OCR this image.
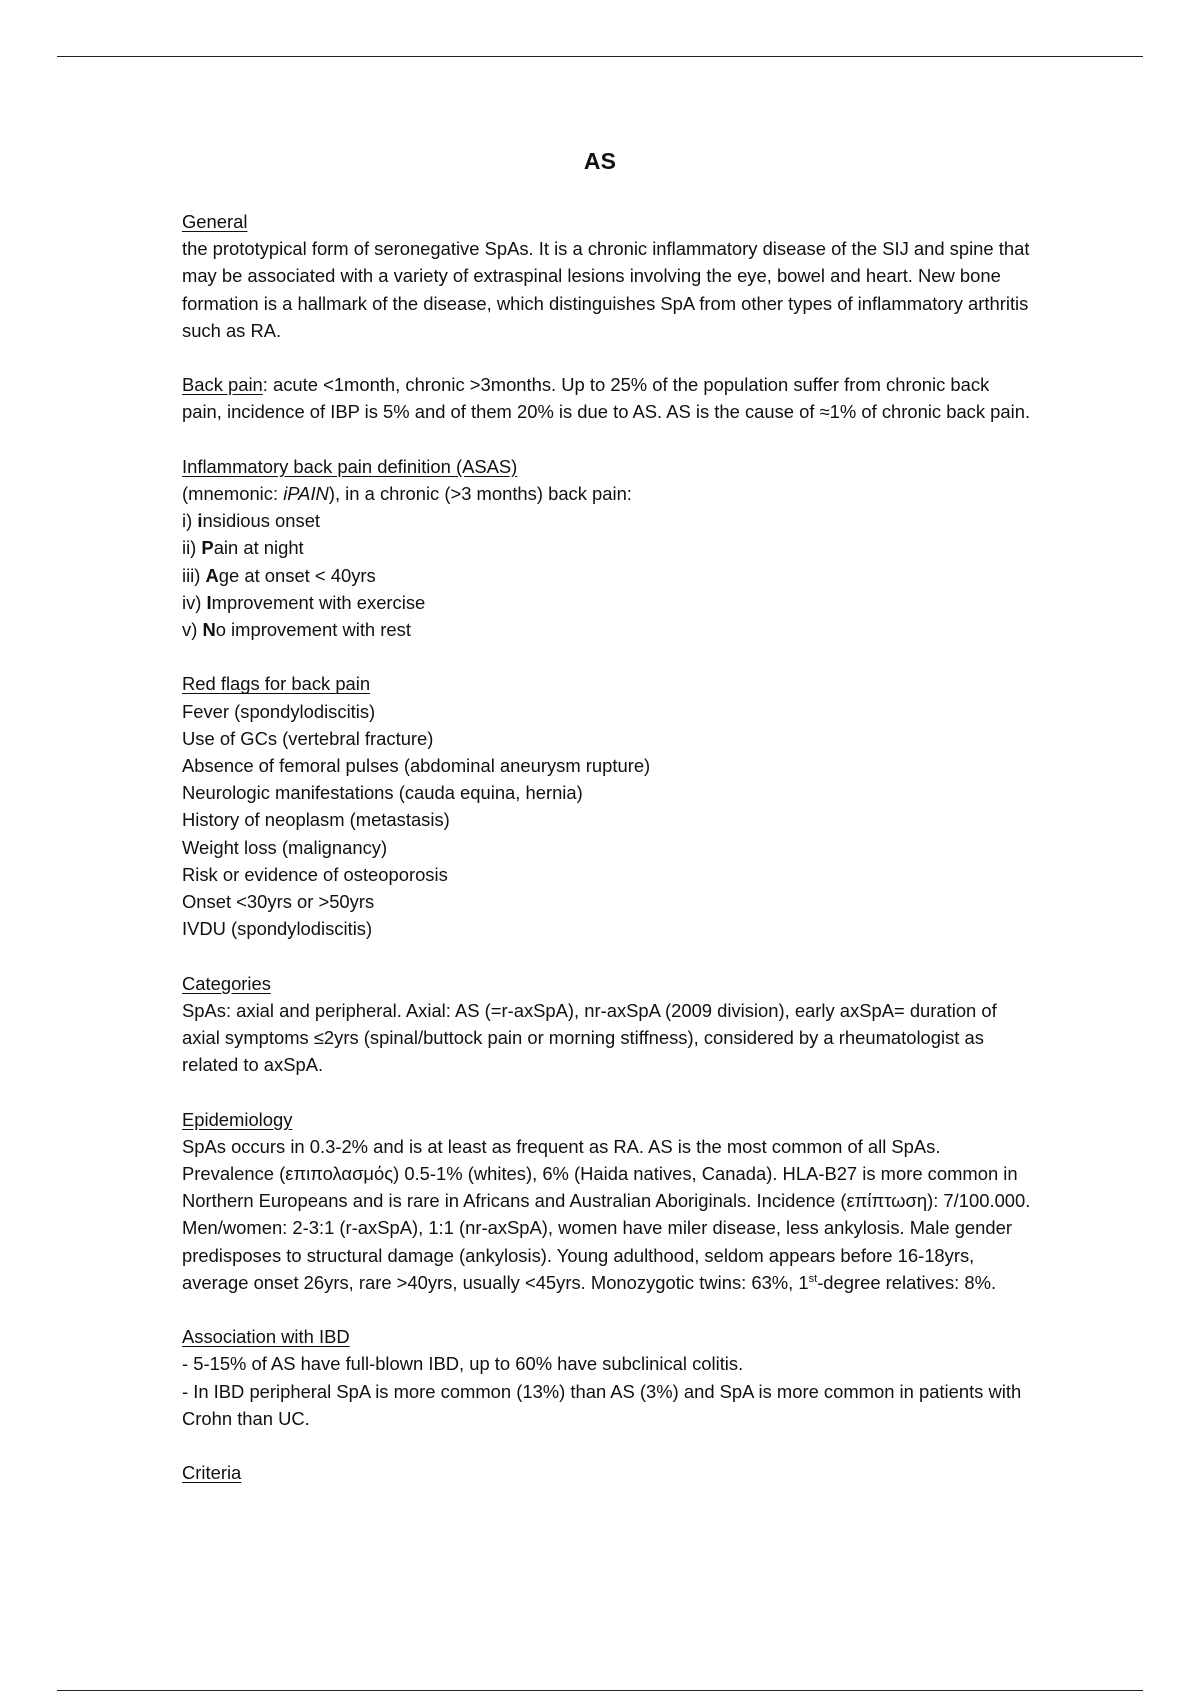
AS
General

the prototypical form of seronegative SpAs. It is a chronic inflammatory disease of the SIJ and spine that may be associated with a variety of extraspinal lesions involving the eye, bowel and heart. New bone formation is a hallmark of the disease, which distinguishes SpA from other types of inflammatory arthritis such as RA.

Back pain: acute <1month, chronic >3months. Up to 25% of the population suffer from chronic back pain, incidence of IBP is 5% and of them 20% is due to AS. AS is the cause of ≈1% of chronic back pain.

Inflammatory back pain definition (ASAS)
(mnemonic: iPAIN), in a chronic (>3 months) back pain:
i) insidious onset
ii) Pain at night
iii) Age at onset < 40yrs
iv) Improvement with exercise
v) No improvement with rest
Red flags for back pain
Fever (spondylodiscitis)
Use of GCs (vertebral fracture)
Absence of femoral pulses (abdominal aneurysm rupture)
Neurologic manifestations (cauda equina, hernia)
History of neoplasm (metastasis)
Weight loss (malignancy)
Risk or evidence of osteoporosis
Onset <30yrs or >50yrs
IVDU (spondylodiscitis)
Categories

SpAs: axial and peripheral. Axial: AS (=r-axSpA), nr-axSpA (2009 division), early axSpA= duration of axial symptoms ≤2yrs (spinal/buttock pain or morning stiffness), considered by a rheumatologist as related to axSpA.

Epidemiology

SpAs occurs in 0.3-2% and is at least as frequent as RA. AS is the most common of all SpAs. Prevalence (επιπολασμός) 0.5-1% (whites), 6% (Haida natives, Canada). HLA-B27 is more common in Northern Europeans and is rare in Africans and Australian Aboriginals. Incidence (επίπτωση): 7/100.000. Men/women: 2-3:1 (r-axSpA), 1:1 (nr-axSpA), women have miler disease, less ankylosis. Male gender predisposes to structural damage (ankylosis). Young adulthood, seldom appears before 16-18yrs, average onset 26yrs, rare >40yrs, usually <45yrs. Monozygotic twins: 63%, 1st-degree relatives: 8%.

Association with IBD

- 5-15% of AS have full-blown IBD, up to 60% have subclinical colitis.

- In IBD peripheral SpA is more common (13%) than AS (3%) and SpA is more common in patients with Crohn than UC.

Criteria
